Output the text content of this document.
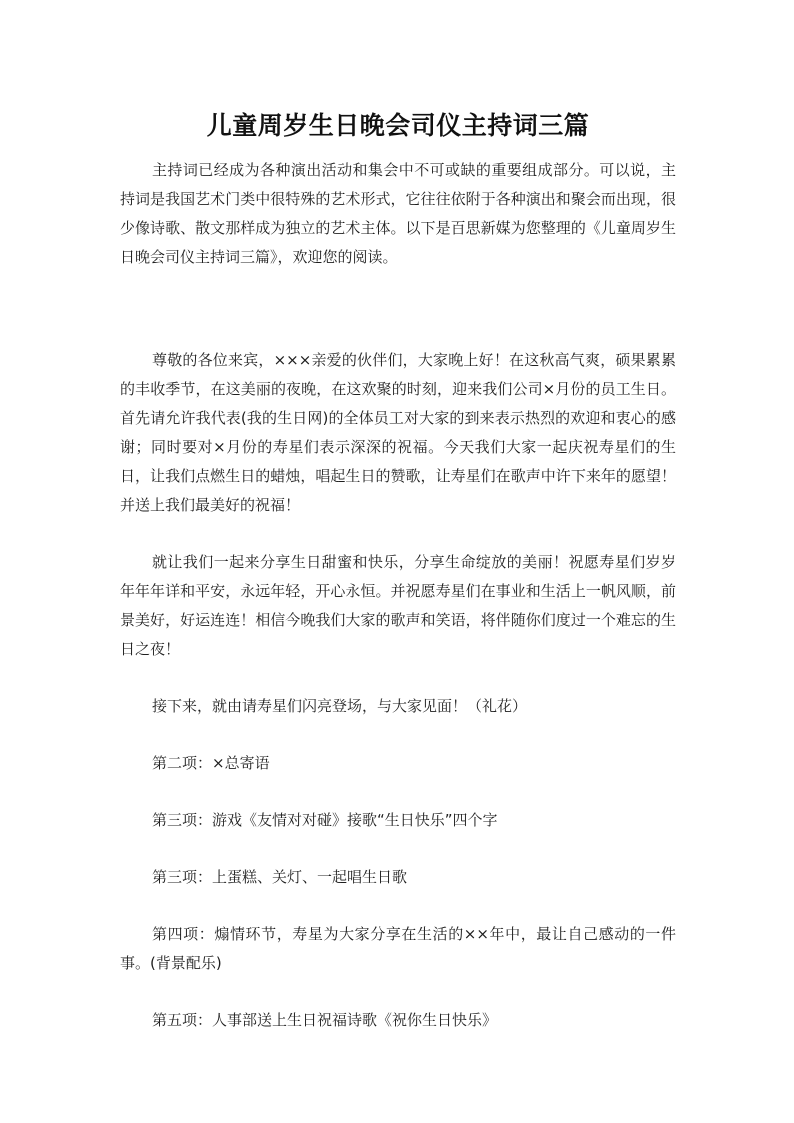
儿童周岁生日晚会司仪主持词三篇

主持词已经成为各种演出活动和集会中不可或缺的重要组成部分。可以说，主持词是我国艺术门类中很特殊的艺术形式，它往往依附于各种演出和聚会而出现，很少像诗歌、散文那样成为独立的艺术主体。以下是百思新媒为您整理的《儿童周岁生日晚会司仪主持词三篇》，欢迎您的阅读。

尊敬的各位来宾，×××亲爱的伙伴们，大家晚上好！在这秋高气爽，硕果累累的丰收季节，在这美丽的夜晚，在这欢聚的时刻，迎来我们公司×月份的员工生日。首先请允许我代表(我的生日网)的全体员工对大家的到来表示热烈的欢迎和衷心的感谢；同时要对×月份的寿星们表示深深的祝福。今天我们大家一起庆祝寿星们的生日，让我们点燃生日的蜡烛，唱起生日的赞歌，让寿星们在歌声中许下来年的愿望！并送上我们最美好的祝福！

就让我们一起来分享生日甜蜜和快乐，分享生命绽放的美丽！祝愿寿星们岁岁年年年详和平安，永远年轻，开心永恒。并祝愿寿星们在事业和生活上一帆风顺，前景美好，好运连连！相信今晚我们大家的歌声和笑语，将伴随你们度过一个难忘的生日之夜！

接下来，就由请寿星们闪亮登场，与大家见面！（礼花）

第二项：×总寄语

第三项：游戏《友情对对碰》接歌“生日快乐”四个字

第三项：上蛋糕、关灯、一起唱生日歌

第四项：煽情环节，寿星为大家分享在生活的××年中，最让自己感动的一件事。(背景配乐)

第五项：人事部送上生日祝福诗歌《祝你生日快乐》
